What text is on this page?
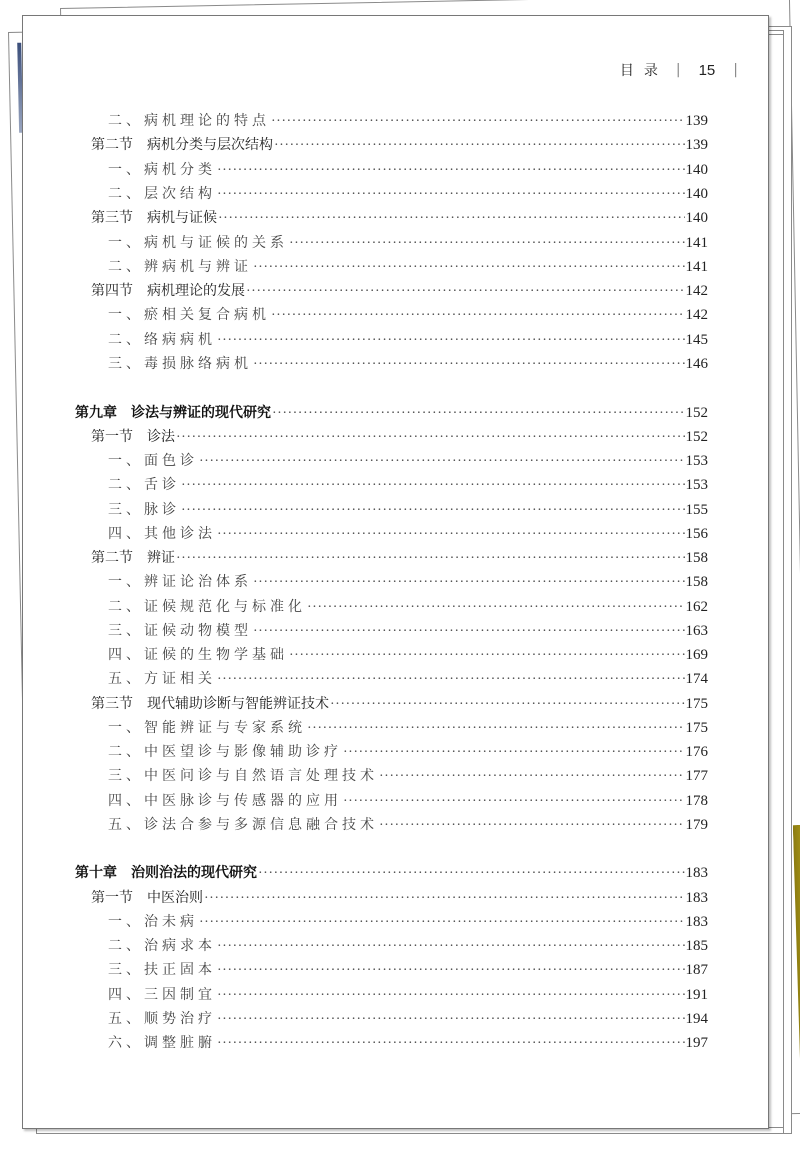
目录 | 15 |
二、病机理论的特点 ·····	139
第二节 病机分类与层次结构 ·····	139
一、病机分类 ·····	140
二、层次结构 ·····	140
第三节 病机与证候 ·····	140
一、病机与证候的关系 ·····	141
二、辨病机与辨证 ·····	141
第四节 病机理论的发展 ·····	142
一、瘀相关复合病机 ·····	142
二、络病病机 ·····	145
三、毒损脉络病机 ·····	146
第九章 诊法与辨证的现代研究 ·····	152
第一节 诊法 ·····	152
一、面色诊 ·····	153
二、舌诊 ·····	153
三、脉诊 ·····	155
四、其他诊法 ·····	156
第二节 辨证 ·····	158
一、辨证论治体系 ·····	158
二、证候规范化与标准化 ·····	162
三、证候动物模型 ·····	163
四、证候的生物学基础 ·····	169
五、方证相关 ·····	174
第三节 现代辅助诊断与智能辨证技术 ·····	175
一、智能辨证与专家系统 ·····	175
二、中医望诊与影像辅助诊疗 ·····	176
三、中医问诊与自然语言处理技术 ·····	177
四、中医脉诊与传感器的应用 ·····	178
五、诊法合参与多源信息融合技术 ·····	179
第十章 治则治法的现代研究 ·····	183
第一节 中医治则 ·····	183
一、治未病 ·····	183
二、治病求本 ·····	185
三、扶正固本 ·····	187
四、三因制宜 ·····	191
五、顺势治疗 ·····	194
六、调整脏腑 ·····	197
